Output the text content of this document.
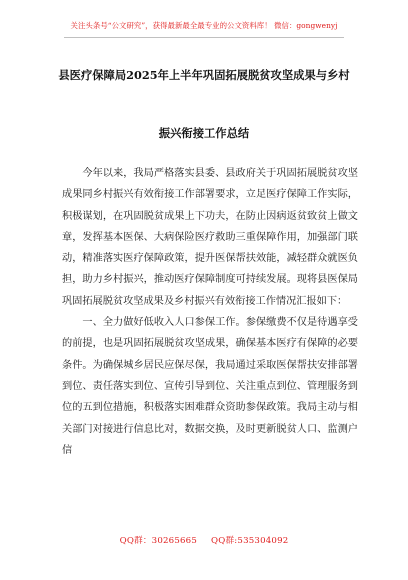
关注头条号“公文研究”，获得最新最全最专业的公文资料库！ 微信：gongwenyj
县医疗保障局2025年上半年巩固拓展脱贫攻坚成果与乡村
振兴衔接工作总结

今年以来，我局严格落实县委、县政府关于巩固拓展脱贫攻坚成果同乡村振兴有效衔接工作部署要求，立足医疗保障工作实际，积极谋划，在巩固脱贫成果上下功夫，在防止因病返贫致贫上做文章，发挥基本医保、大病保险医疗救助三重保障作用，加强部门联动，精准落实医疗保障政策，提升医保帮扶效能，减轻群众就医负担，助力乡村振兴，推动医疗保障制度可持续发展。现将县医保局巩固拓展脱贫攻坚成果及乡村振兴有效衔接工作情况汇报如下：

一、全力做好低收入人口参保工作。参保缴费不仅是待遇享受的前提，也是巩固拓展脱贫攻坚成果，确保基本医疗有保障的必要条件。为确保城乡居民应保尽保，我局通过采取医保帮扶安排部署到位、责任落实到位、宣传引导到位、关注重点到位、管理服务到位的五到位措施，积极落实困难群众资助参保政策。我局主动与相关部门对接进行信息比对，数据交换，及时更新脱贫人口、监测户信

QQ群：30265665 QQ群:535304092
